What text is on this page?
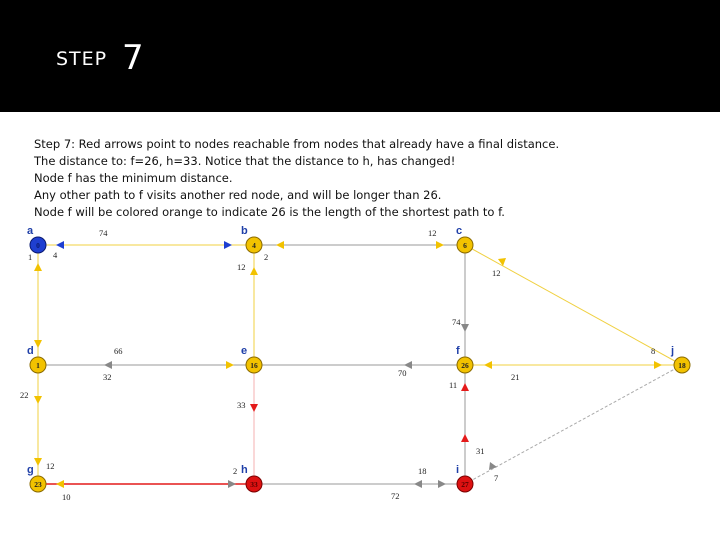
STEP 7
Step 7: Red arrows point to nodes reachable from nodes that already have a final distance.
The distance to: f=26, h=33. Notice that the distance to h, has changed!
Node f has the minimum distance.
Any other path to f visits another red node, and will be longer than 26.
Node f will be colored orange to indicate 26 is the length of the shortest path to f.
74
4
12
2
1
12
12
74
66
32	70
11
21
8
22
33
31
12	2	18
7
10	72
a	b	c
d	e	f	j
g	h	i
0	4	6
1	16	26	18
23	33	27
